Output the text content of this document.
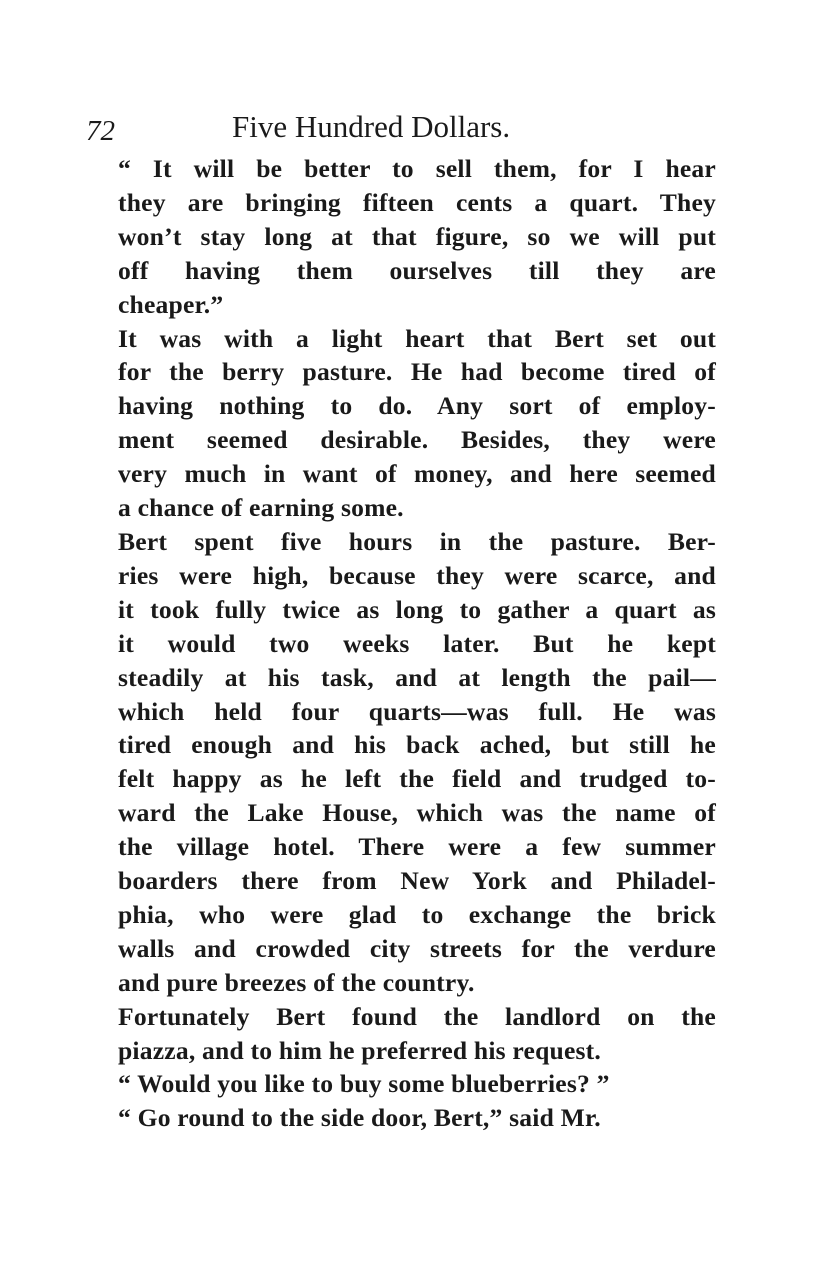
72	Five Hundred Dollars.

“ It will be better to sell them, for I hear
they are bringing fifteen cents a quart. They
won’t stay long at that figure, so we will put
off having them ourselves till they are
cheaper.”

It was with a light heart that Bert set out
for the berry pasture. He had become tired of
having nothing to do. Any sort of employ-
ment seemed desirable. Besides, they were
very much in want of money, and here seemed
a chance of earning some.

Bert spent five hours in the pasture. Ber-
ries were high, because they were scarce, and
it took fully twice as long to gather a quart as
it would two weeks later. But he kept
steadily at his task, and at length the pail—
which held four quarts—was full. He was
tired enough and his back ached, but still he
felt happy as he left the field and trudged to-
ward the Lake House, which was the name of
the village hotel. There were a few summer
boarders there from New York and Philadel-
phia, who were glad to exchange the brick
walls and crowded city streets for the verdure
and pure breezes of the country.

Fortunately Bert found the landlord on the
piazza, and to him he preferred his request.

“ Would you like to buy some blueberries? ”

“ Go round to the side door, Bert,” said Mr.
